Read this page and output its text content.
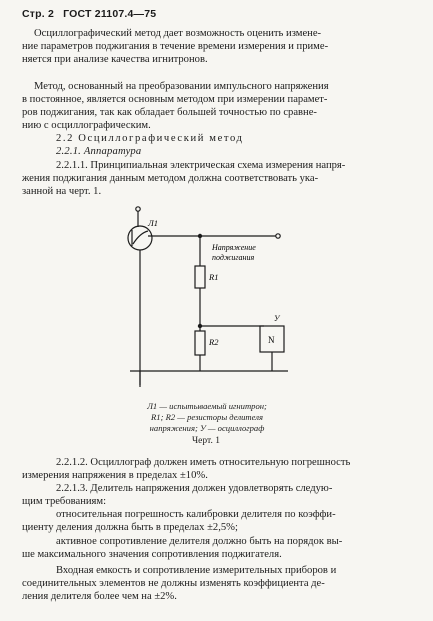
Стр. 2 ГОСТ 21107.4—75
Осциллографический метод дает возможность оценить измене-
ние параметров поджигания в течение времени измерения и приме-
няется при анализе качества игнитронов.
Метод, основанный на преобразовании импульсного напряжения
в постоянное, является основным методом при измерении парамет-
ров поджигания, так как обладает большей точностью по сравне-
нию с осциллографическим.
2.2 Осциллографический метод
2.2.1. Аппаратура
2.2.1.1. Принципиальная электрическая схема измерения напря-
жения поджигания данным методом должна соответствовать ука-
занной на черт. 1.
Л1
Напряжение
поджигания
R1
R2
У
N
Л1 — испытываемый игнитрон;
R1; R2 — резисторы делителя
напряжения; У — осциллограф
Черт. 1
2.2.1.2. Осциллограф должен иметь относительную погрешность
измерения напряжения в пределах ±10%.
2.2.1.3. Делитель напряжения должен удовлетворять следую-
щим требованиям:
относительная погрешность калибровки делителя по коэффи-
циенту деления должна быть в пределах ±2,5%;
активное сопротивление делителя должно быть на порядок вы-
ше максимального значения сопротивления поджигателя.
Входная емкость и сопротивление измерительных приборов и
соединительных элементов не должны изменять коэффициента де-
ления делителя более чем на ±2%.
